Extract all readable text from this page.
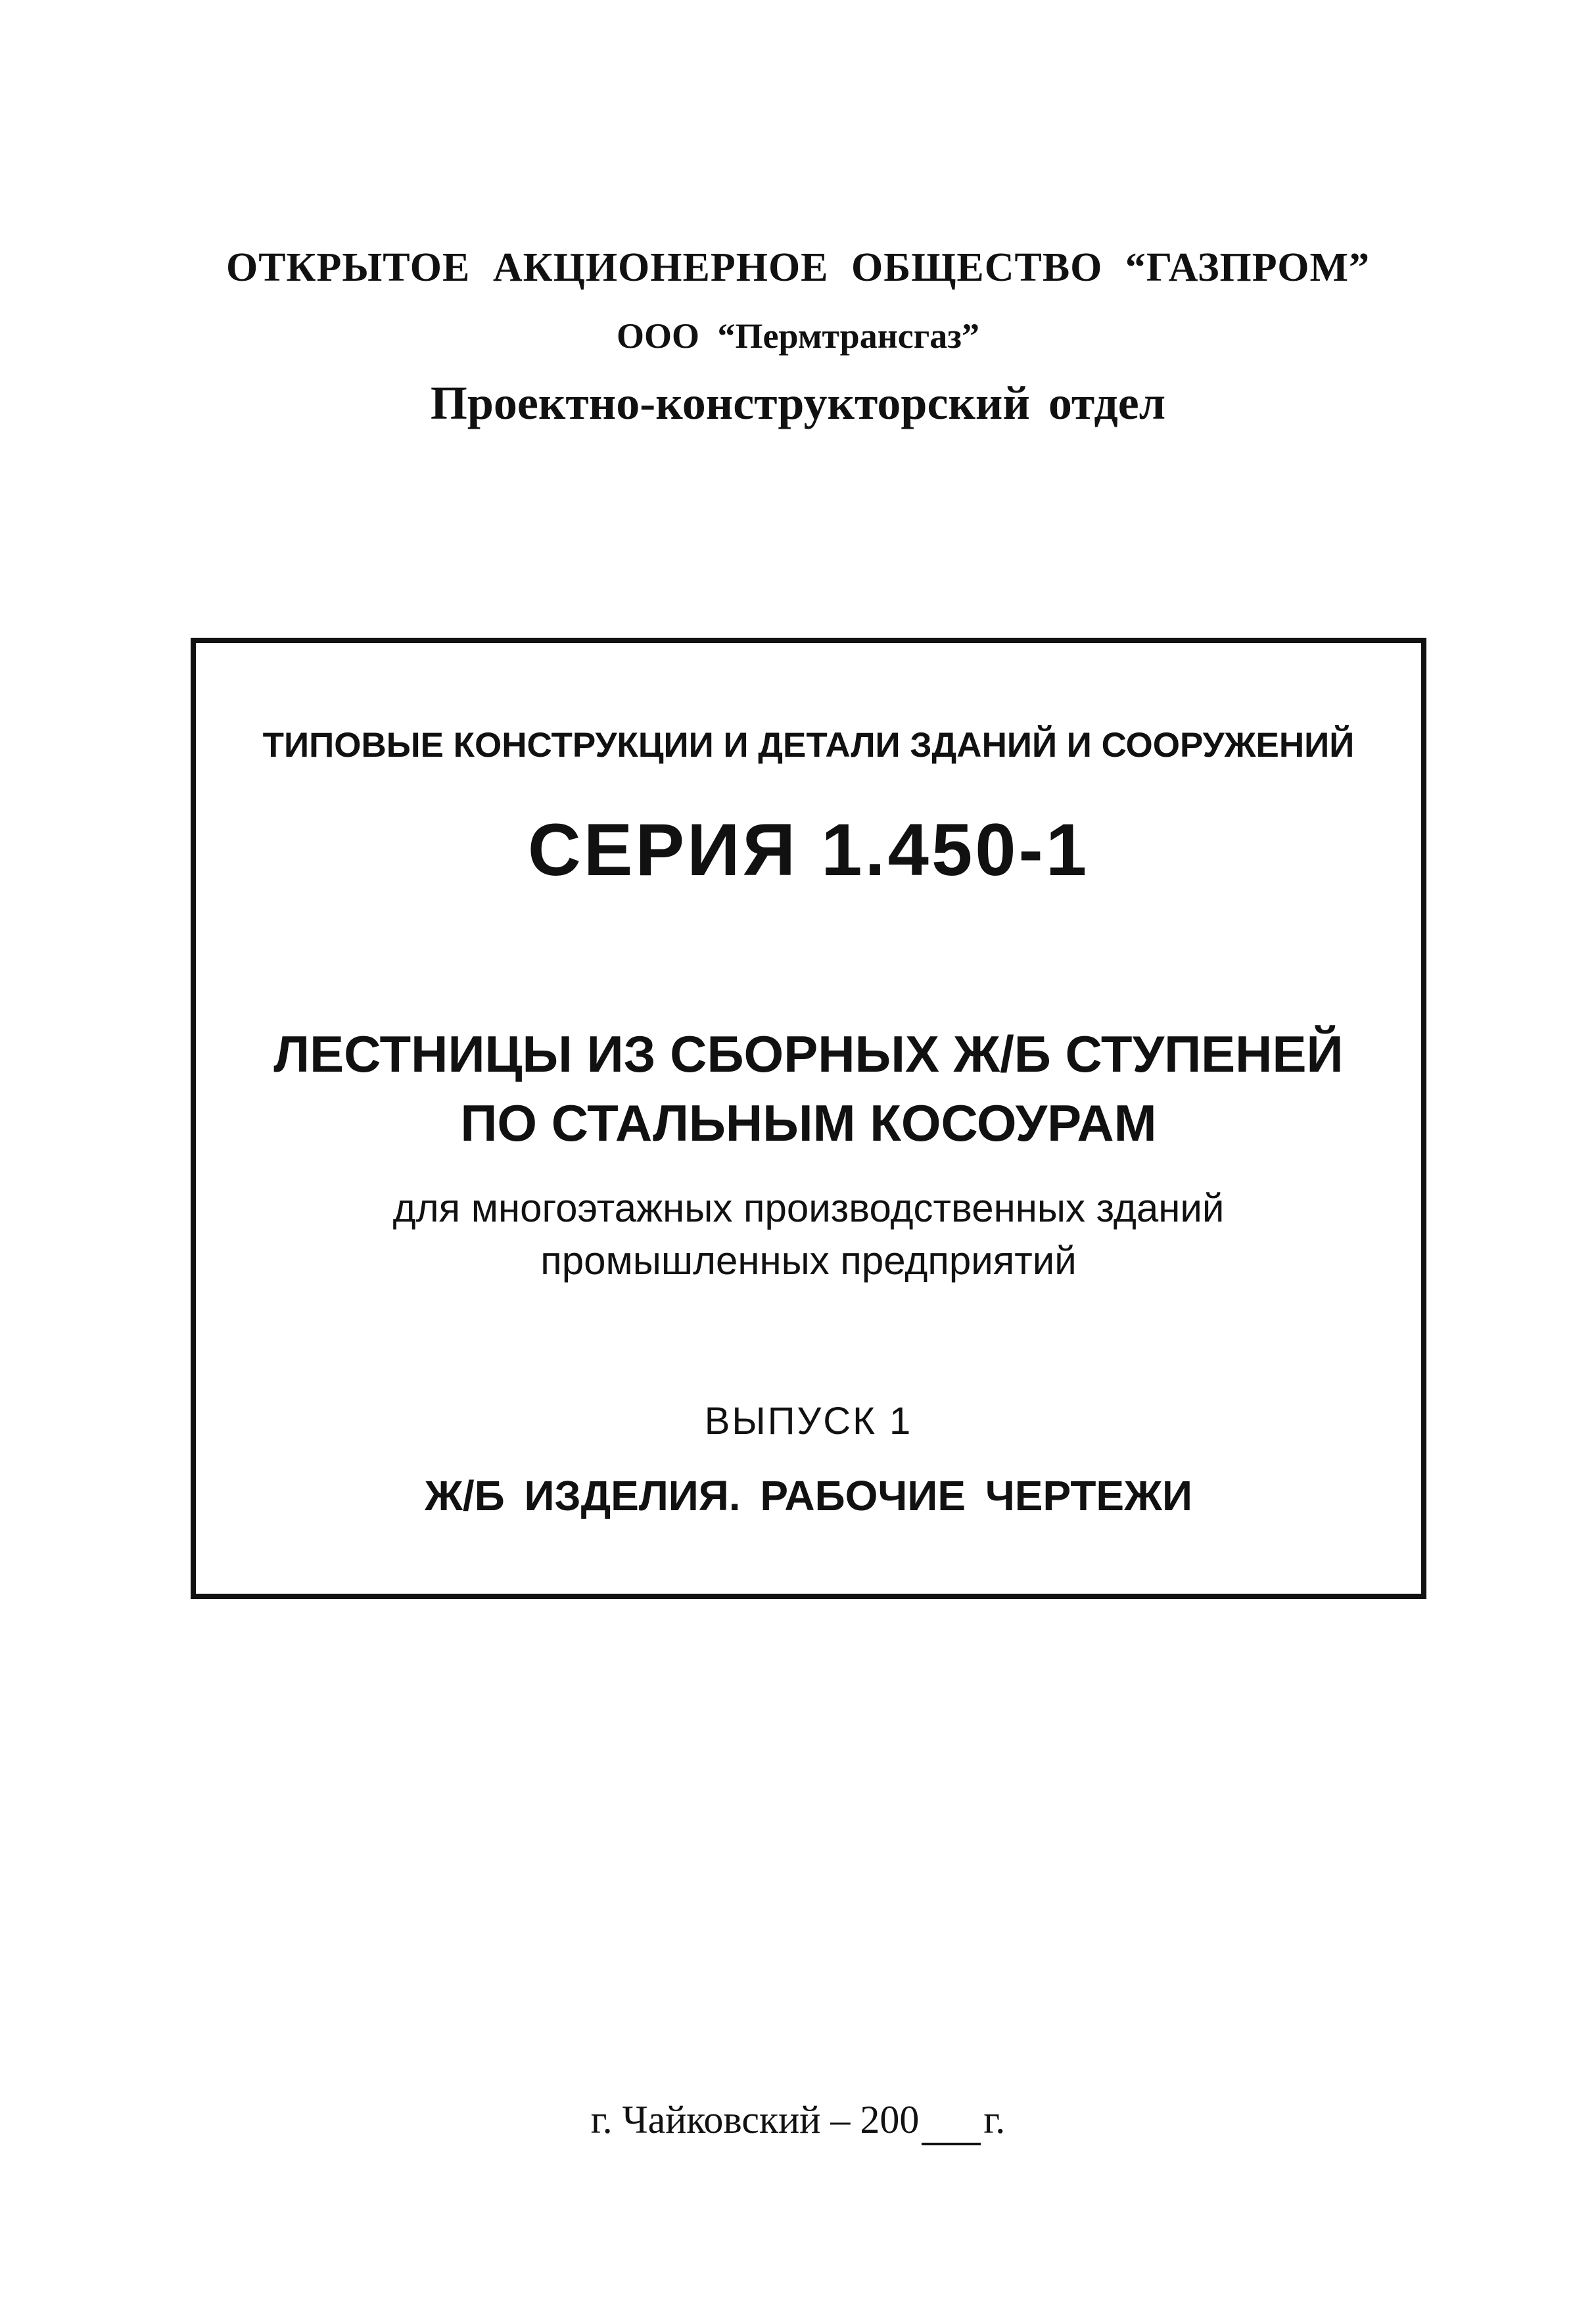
ОТКРЫТОЕ АКЦИОНЕРНОЕ ОБЩЕСТВО “ГАЗПРОМ”
ООО “Пермтрансгаз”
Проектно-конструкторский отдел
ТИПОВЫЕ КОНСТРУКЦИИ И ДЕТАЛИ ЗДАНИЙ И СООРУЖЕНИЙ
СЕРИЯ 1.450-1
ЛЕСТНИЦЫ ИЗ СБОРНЫХ Ж/Б СТУПЕНЕЙ
ПО СТАЛЬНЫМ КОСОУРАМ
для многоэтажных производственных зданий
промышленных предприятий
ВЫПУСК 1
Ж/Б ИЗДЕЛИЯ. РАБОЧИЕ ЧЕРТЕЖИ
г. Чайковский – 200 г.
